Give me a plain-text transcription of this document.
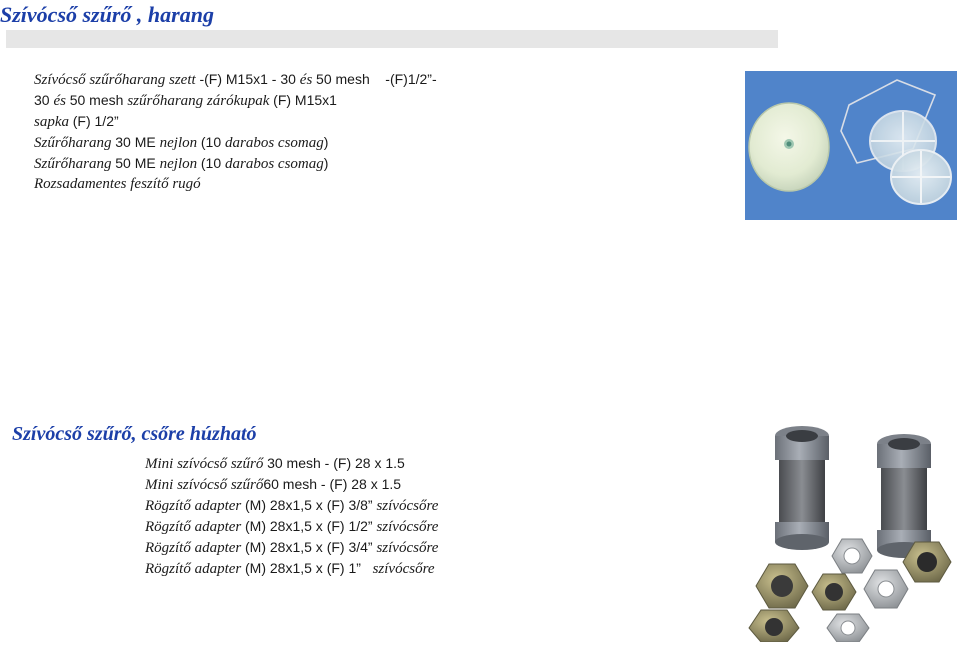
Szívócső szűrő , harang
Szívócső szűrőharang szett -(F) M15x1 - 30 és 50 mesh    -(F)1/2”-
30 és 50 mesh szűrőharang zárókupak (F) M15x1
sapka (F) 1/2”
Szűrőharang 30 ME nejlon (10 darabos csomag)
Szűrőharang 50 ME nejlon (10 darabos csomag)
Rozsadamentes feszítő rugó
Szívócső szűrő, csőre húzható
Mini szívócső szűrő 30 mesh - (F) 28 x 1.5
Mini szívócső szűrő60 mesh - (F) 28 x 1.5
Rögzítő adapter (M) 28x1,5 x (F) 3/8” szívócsőre
Rögzítő adapter (M) 28x1,5 x (F) 1/2” szívócsőre
Rögzítő adapter (M) 28x1,5 x (F) 3/4” szívócsőre
Rögzítő adapter (M) 28x1,5 x (F) 1”   szívócsőre
